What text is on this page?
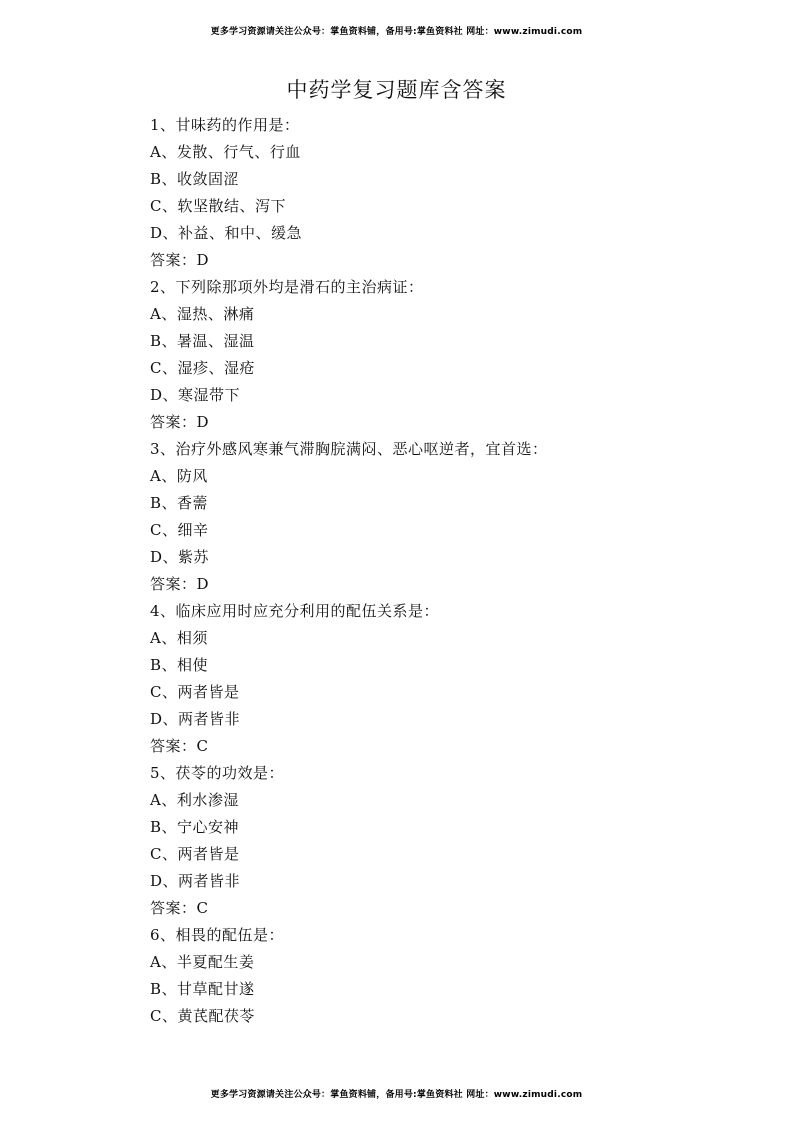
更多学习资源请关注公众号：掌鱼资料铺，备用号:掌鱼资料社 网址：www.zimudi.com
中药学复习题库含答案
1、甘味药的作用是：
A、发散、行气、行血
B、收敛固涩
C、软坚散结、泻下
D、补益、和中、缓急
答案：D
2、下列除那项外均是滑石的主治病证：
A、湿热、淋痛
B、暑温、湿温
C、湿疹、湿疮
D、寒湿带下
答案：D
3、治疗外感风寒兼气滞胸脘满闷、恶心呕逆者，宜首选：
A、防风
B、香薷
C、细辛
D、紫苏
答案：D
4、临床应用时应充分利用的配伍关系是：
A、相须
B、相使
C、两者皆是
D、两者皆非
答案：C
5、茯苓的功效是：
A、利水渗湿
B、宁心安神
C、两者皆是
D、两者皆非
答案：C
6、相畏的配伍是：
A、半夏配生姜
B、甘草配甘遂
C、黄芪配茯苓
更多学习资源请关注公众号：掌鱼资料铺，备用号:掌鱼资料社 网址：www.zimudi.com
